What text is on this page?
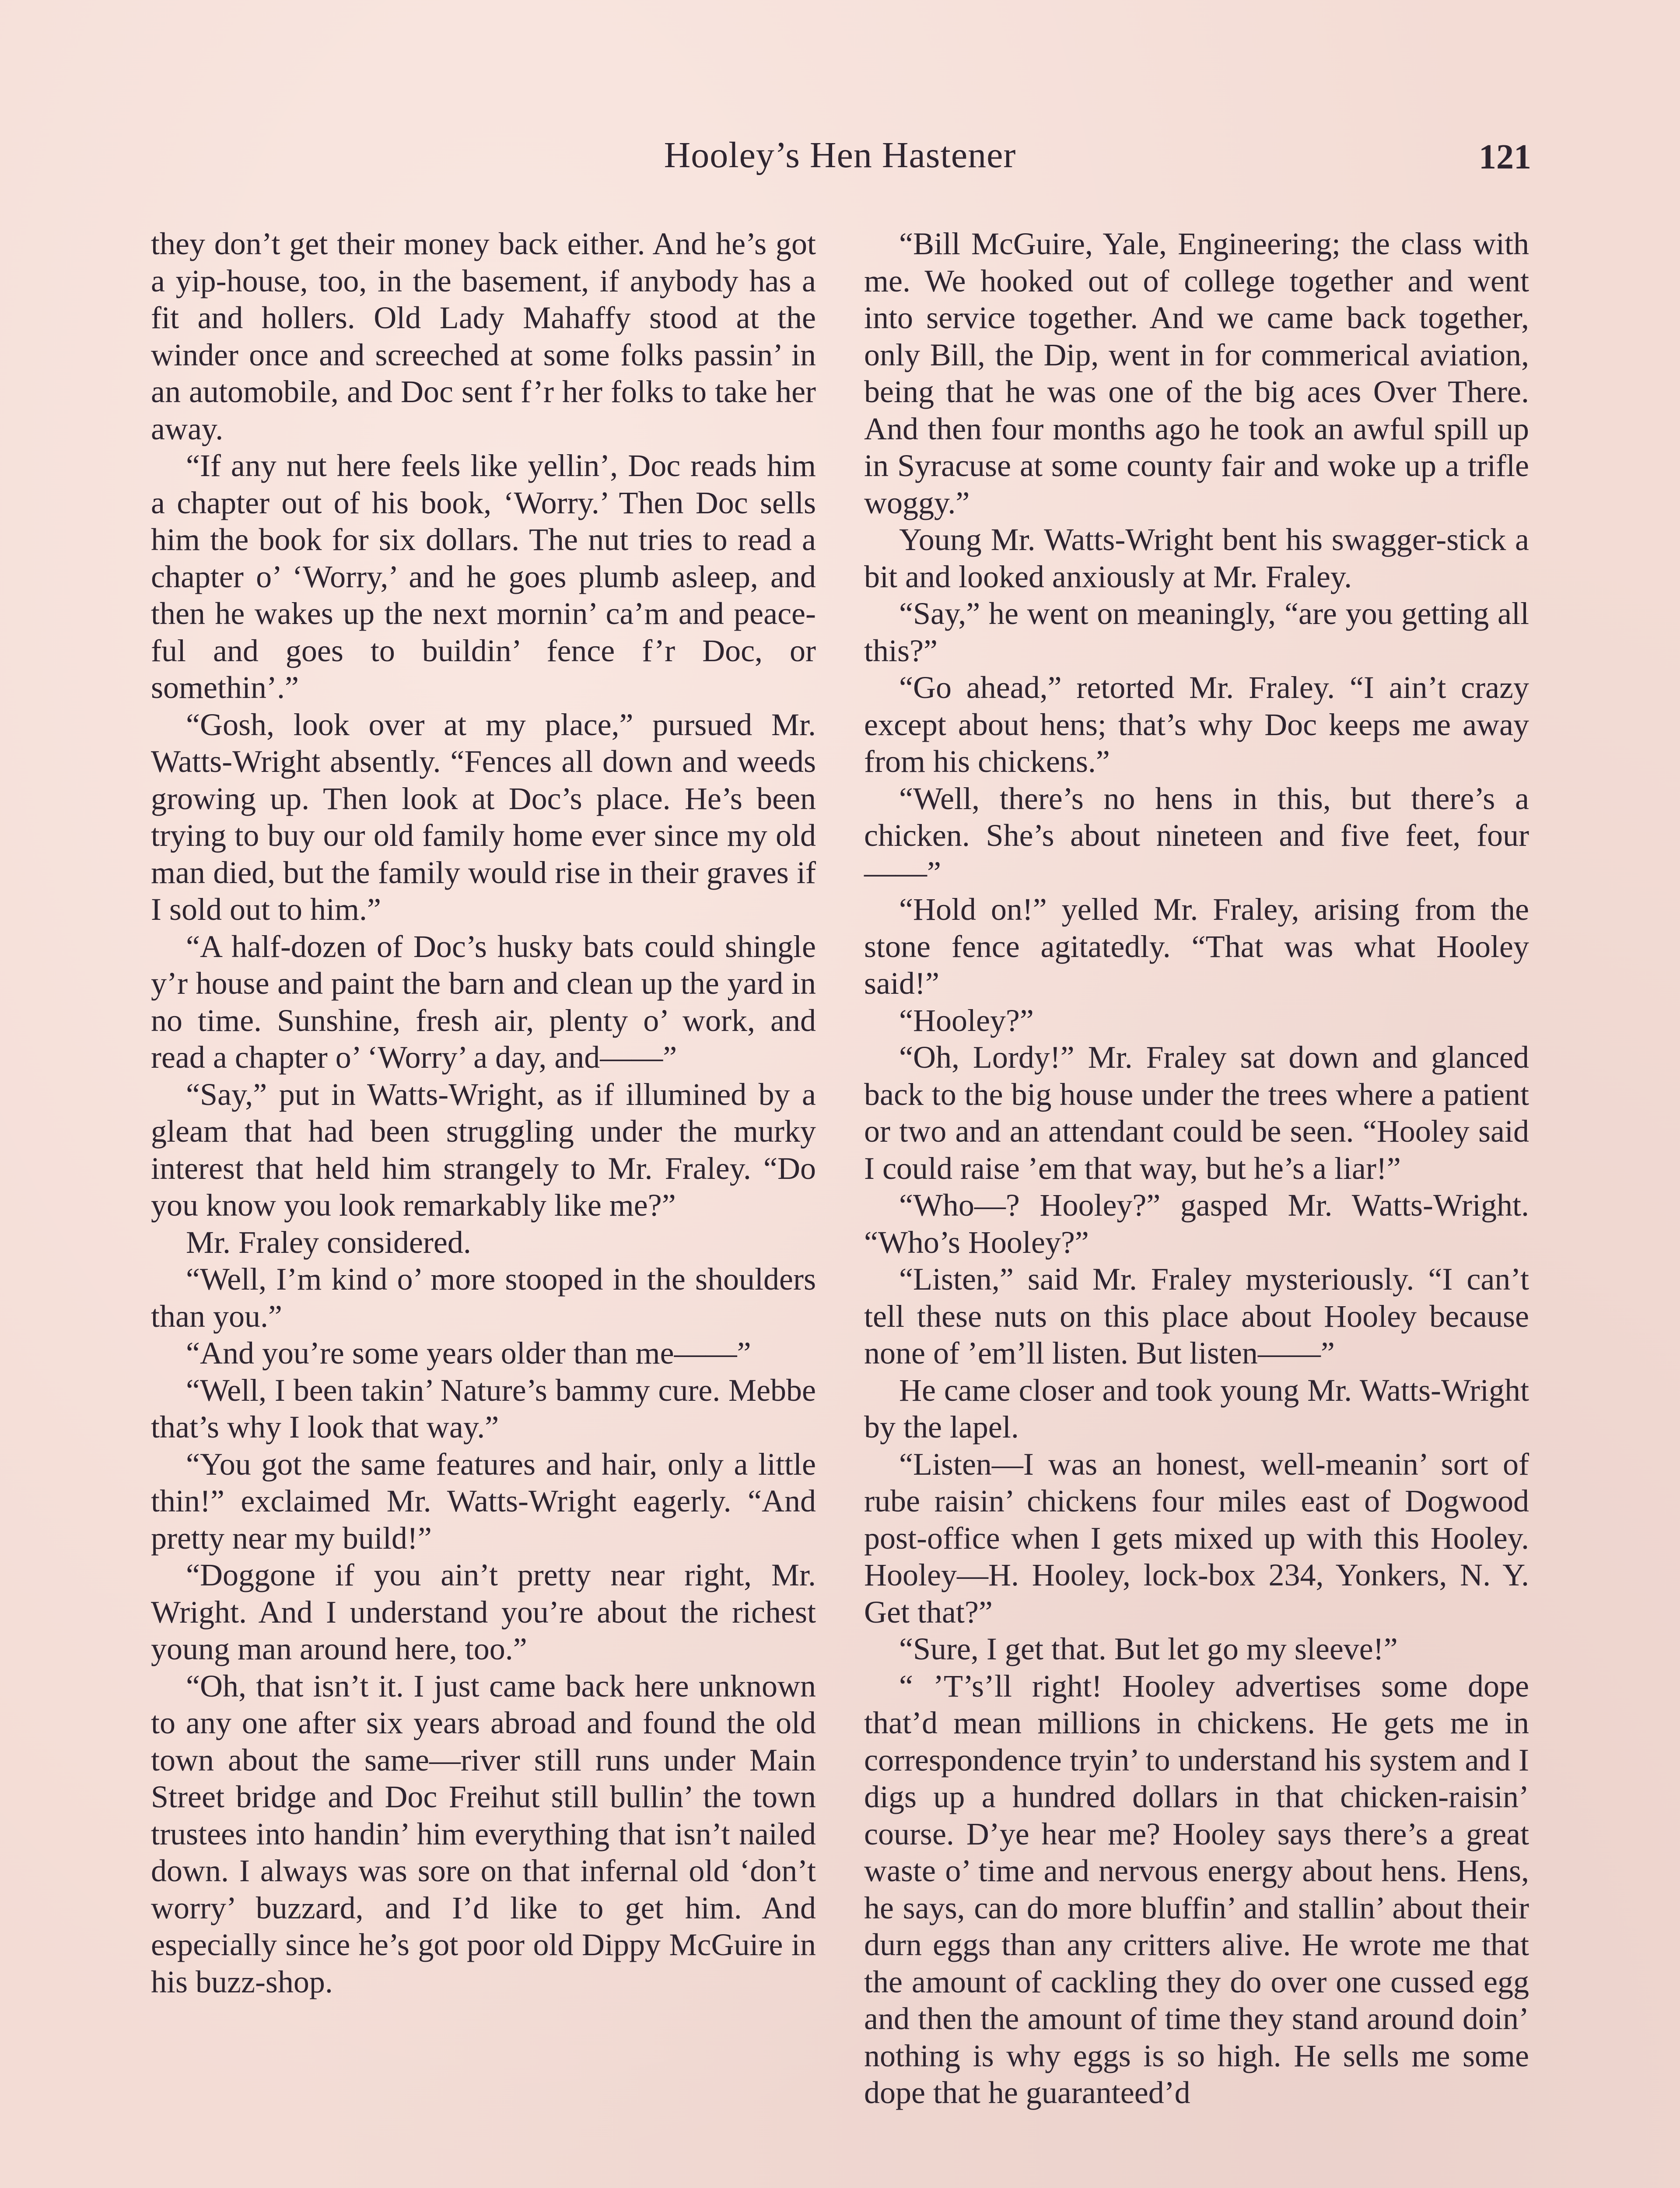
Hooley’s Hen Hastener	121

they don’t get their money back either. And he’s got a yip-house, too, in the basement, if anybody has a fit and hollers. Old Lady Mahaffy stood at the winder once and screeched at some folks passin’ in an automobile, and Doc sent f’r her folks to take her away.

“If any nut here feels like yellin’, Doc reads him a chapter out of his book, ‘Worry.’ Then Doc sells him the book for six dollars. The nut tries to read a chapter o’ ‘Worry,’ and he goes plumb asleep, and then he wakes up the next mornin’ ca’m and peaceful and goes to buildin’ fence f’r Doc, or somethin’.”

“Gosh, look over at my place,” pursued Mr. Watts-Wright absently. “Fences all down and weeds growing up. Then look at Doc’s place. He’s been trying to buy our old family home ever since my old man died, but the family would rise in their graves if I sold out to him.”

“A half-dozen of Doc’s husky bats could shingle y’r house and paint the barn and clean up the yard in no time. Sunshine, fresh air, plenty o’ work, and read a chapter o’ ‘Worry’ a day, and——”

“Say,” put in Watts-Wright, as if illumined by a gleam that had been struggling under the murky interest that held him strangely to Mr. Fraley. “Do you know you look remarkably like me?”

Mr. Fraley considered.

“Well, I’m kind o’ more stooped in the shoulders than you.”

“And you’re some years older than me——”

“Well, I been takin’ Nature’s bammy cure. Mebbe that’s why I look that way.”

“You got the same features and hair, only a little thin!” exclaimed Mr. Watts-Wright eagerly. “And pretty near my build!”

“Doggone if you ain’t pretty near right, Mr. Wright. And I understand you’re about the richest young man around here, too.”

“Oh, that isn’t it. I just came back here unknown to any one after six years abroad and found the old town about the same—river still runs under Main Street bridge and Doc Freihut still bullin’ the town trustees into handin’ him everything that isn’t nailed down. I always was sore on that infernal old ‘don’t worry’ buzzard, and I’d like to get him. And especially since he’s got poor old Dippy McGuire in his buzz-shop.

“Bill McGuire, Yale, Engineering; the class with me. We hooked out of college together and went into service together. And we came back together, only Bill, the Dip, went in for commerical aviation, being that he was one of the big aces Over There. And then four months ago he took an awful spill up in Syracuse at some county fair and woke up a trifle woggy.”

Young Mr. Watts-Wright bent his swagger-stick a bit and looked anxiously at Mr. Fraley.

“Say,” he went on meaningly, “are you getting all this?”

“Go ahead,” retorted Mr. Fraley. “I ain’t crazy except about hens; that’s why Doc keeps me away from his chickens.”

“Well, there’s no hens in this, but there’s a chicken. She’s about nineteen and five feet, four——”

“Hold on!” yelled Mr. Fraley, arising from the stone fence agitatedly. “That was what Hooley said!”

“Hooley?”

“Oh, Lordy!” Mr. Fraley sat down and glanced back to the big house under the trees where a patient or two and an attendant could be seen. “Hooley said I could raise ’em that way, but he’s a liar!”

“Who—? Hooley?” gasped Mr. Watts-Wright. “Who’s Hooley?”

“Listen,” said Mr. Fraley mysteriously. “I can’t tell these nuts on this place about Hooley because none of ’em’ll listen. But listen——”

He came closer and took young Mr. Watts-Wright by the lapel.

“Listen—I was an honest, well-meanin’ sort of rube raisin’ chickens four miles east of Dogwood post-office when I gets mixed up with this Hooley. Hooley—H. Hooley, lock-box 234, Yonkers, N. Y. Get that?”

“Sure, I get that. But let go my sleeve!”

“ ’T’s’ll right! Hooley advertises some dope that’d mean millions in chickens. He gets me in correspondence tryin’ to understand his system and I digs up a hundred dollars in that chicken-raisin’ course. D’ye hear me? Hooley says there’s a great waste o’ time and nervous energy about hens. Hens, he says, can do more bluffin’ and stallin’ about their durn eggs than any critters alive. He wrote me that the amount of cackling they do over one cussed egg and then the amount of time they stand around doin’ nothing is why eggs is so high. He sells me some dope that he guaranteed’d
